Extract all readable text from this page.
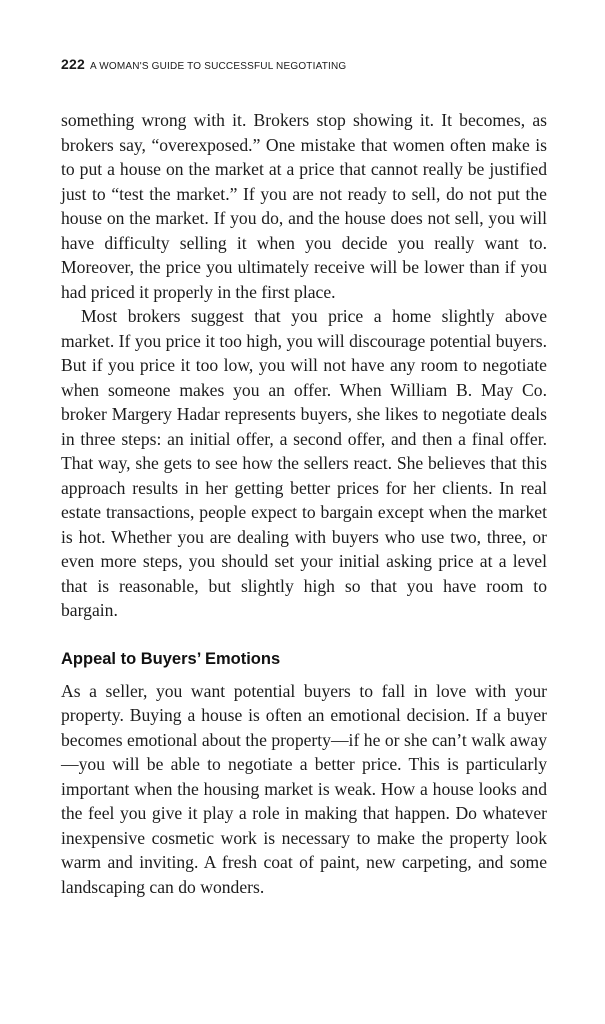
222 A WOMAN'S GUIDE TO SUCCESSFUL NEGOTIATING

something wrong with it. Brokers stop showing it. It becomes, as brokers say, “overexposed.” One mistake that women often make is to put a house on the market at a price that cannot really be justified just to “test the market.” If you are not ready to sell, do not put the house on the market. If you do, and the house does not sell, you will have difficulty selling it when you decide you really want to. Moreover, the price you ultimately receive will be lower than if you had priced it properly in the first place.

Most brokers suggest that you price a home slightly above market. If you price it too high, you will discourage potential buyers. But if you price it too low, you will not have any room to negotiate when someone makes you an offer. When William B. May Co. broker Margery Hadar represents buyers, she likes to negotiate deals in three steps: an initial offer, a second offer, and then a final offer. That way, she gets to see how the sellers react. She believes that this approach results in her getting better prices for her clients. In real estate transactions, people expect to bargain except when the market is hot. Whether you are dealing with buyers who use two, three, or even more steps, you should set your initial asking price at a level that is reasonable, but slightly high so that you have room to bargain.

Appeal to Buyers’ Emotions

As a seller, you want potential buyers to fall in love with your property. Buying a house is often an emotional decision. If a buyer becomes emotional about the property—if he or she can’t walk away—you will be able to negotiate a better price. This is particularly important when the housing market is weak. How a house looks and the feel you give it play a role in making that happen. Do whatever inexpensive cosmetic work is necessary to make the property look warm and inviting. A fresh coat of paint, new carpeting, and some landscaping can do wonders.
